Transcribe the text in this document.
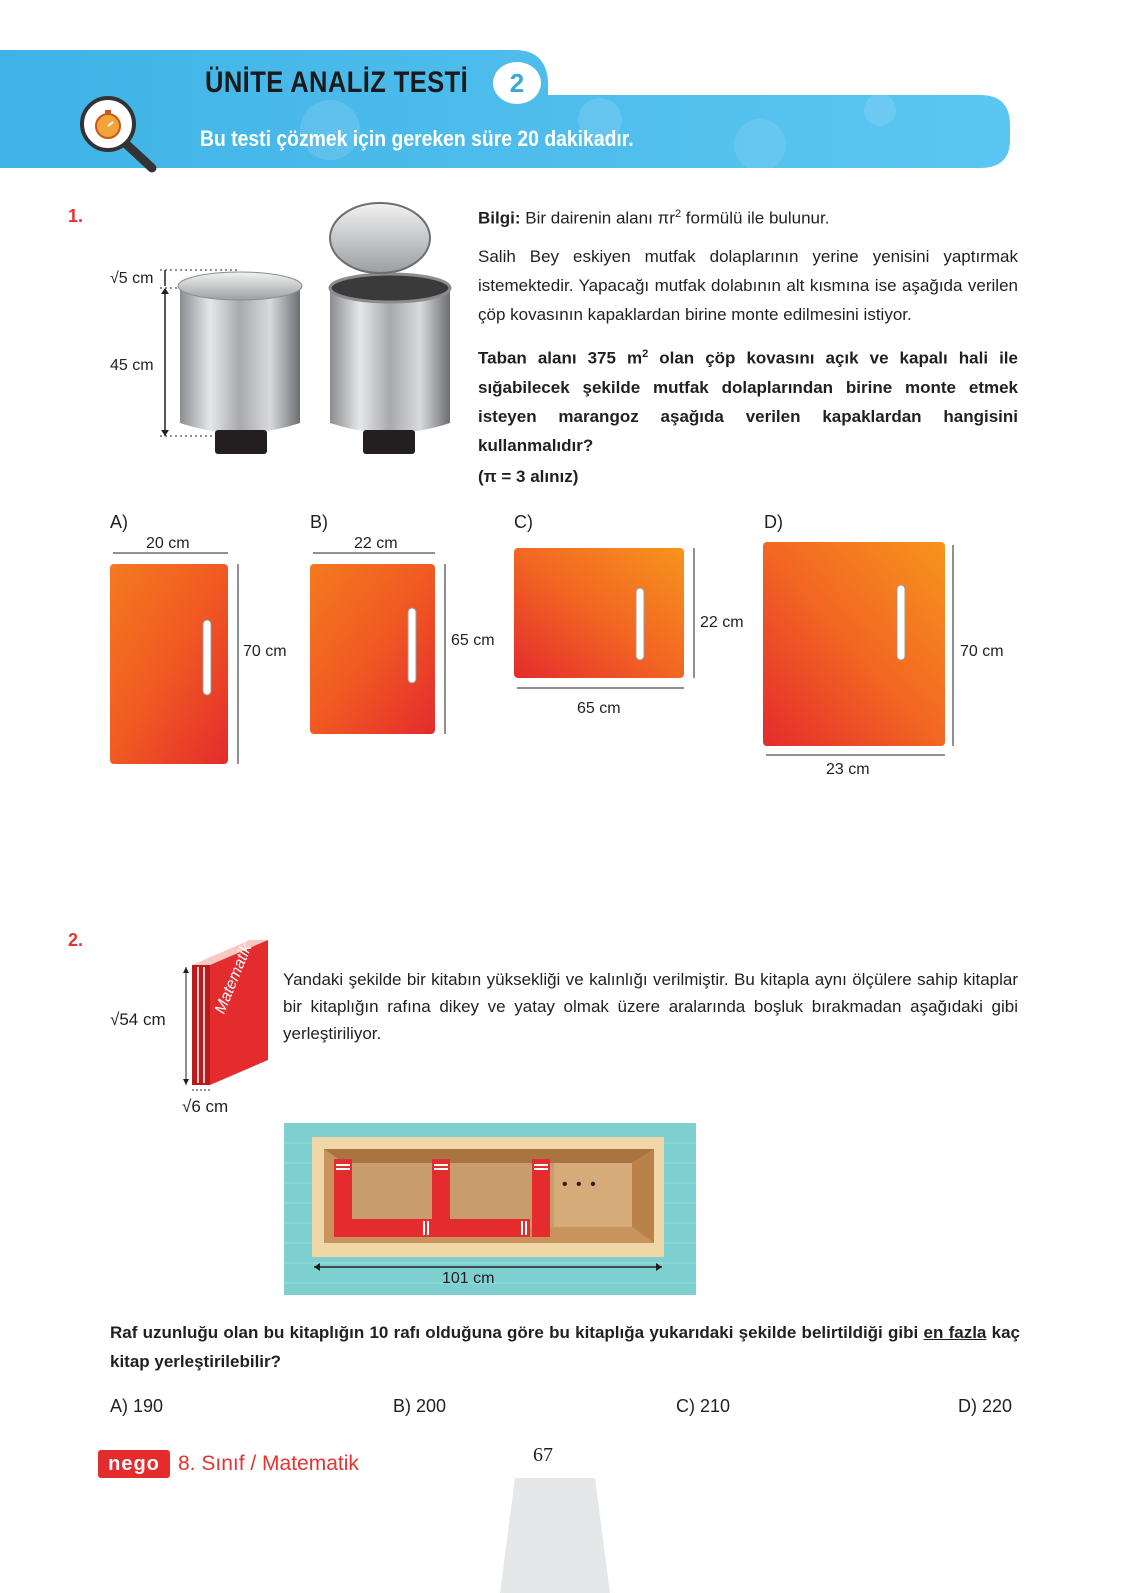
ÜNİTE ANALİZ TESTİ	2
Bu testi çözmek için gereken süre 20 dakikadır.
1.
√5 cm
45 cm
Bilgi: Bir dairenin alanı $\pi r^2$ formülü ile bulunur.
Salih Bey eskiyen mutfak dolaplarının yerine yenisini yaptırmak istemektedir. Yapacağı mutfak dolabının alt kısmına ise aşağıda verilen çöp kovasının kapaklardan birine monte edilmesini istiyor.
Taban alanı 375 $m^2$ olan çöp kovasını açık ve kapalı hali ile sığabilecek şekilde mutfak dolaplarından birine monte etmek isteyen marangoz aşağıda verilen kapaklardan hangisini kullanmalıdır?
(π = 3 alınız)
A)
20 cm
70 cm
B)
22 cm
65 cm
C)
65 cm
22 cm
D)
23 cm
70 cm
2.
Matematik
√54 cm
√6 cm
Yandaki şekilde bir kitabın yüksekliği ve kalınlığı verilmiştir. Bu kitapla aynı ölçülere sahip kitaplar bir kitaplığın rafına dikey ve yatay olmak üzere aralarında boşluk bırakmadan aşağıdaki gibi yerleştiriliyor.
• • •
101 cm
Raf uzunluğu olan bu kitaplığın 10 rafı olduğuna göre bu kitaplığa yukarıdaki şekilde belirtildiği gibi en fazla kaç kitap yerleştirilebilir?
A) 190	B) 200	C) 210	D) 220
nego 8. Sınıf / Matematik	67
